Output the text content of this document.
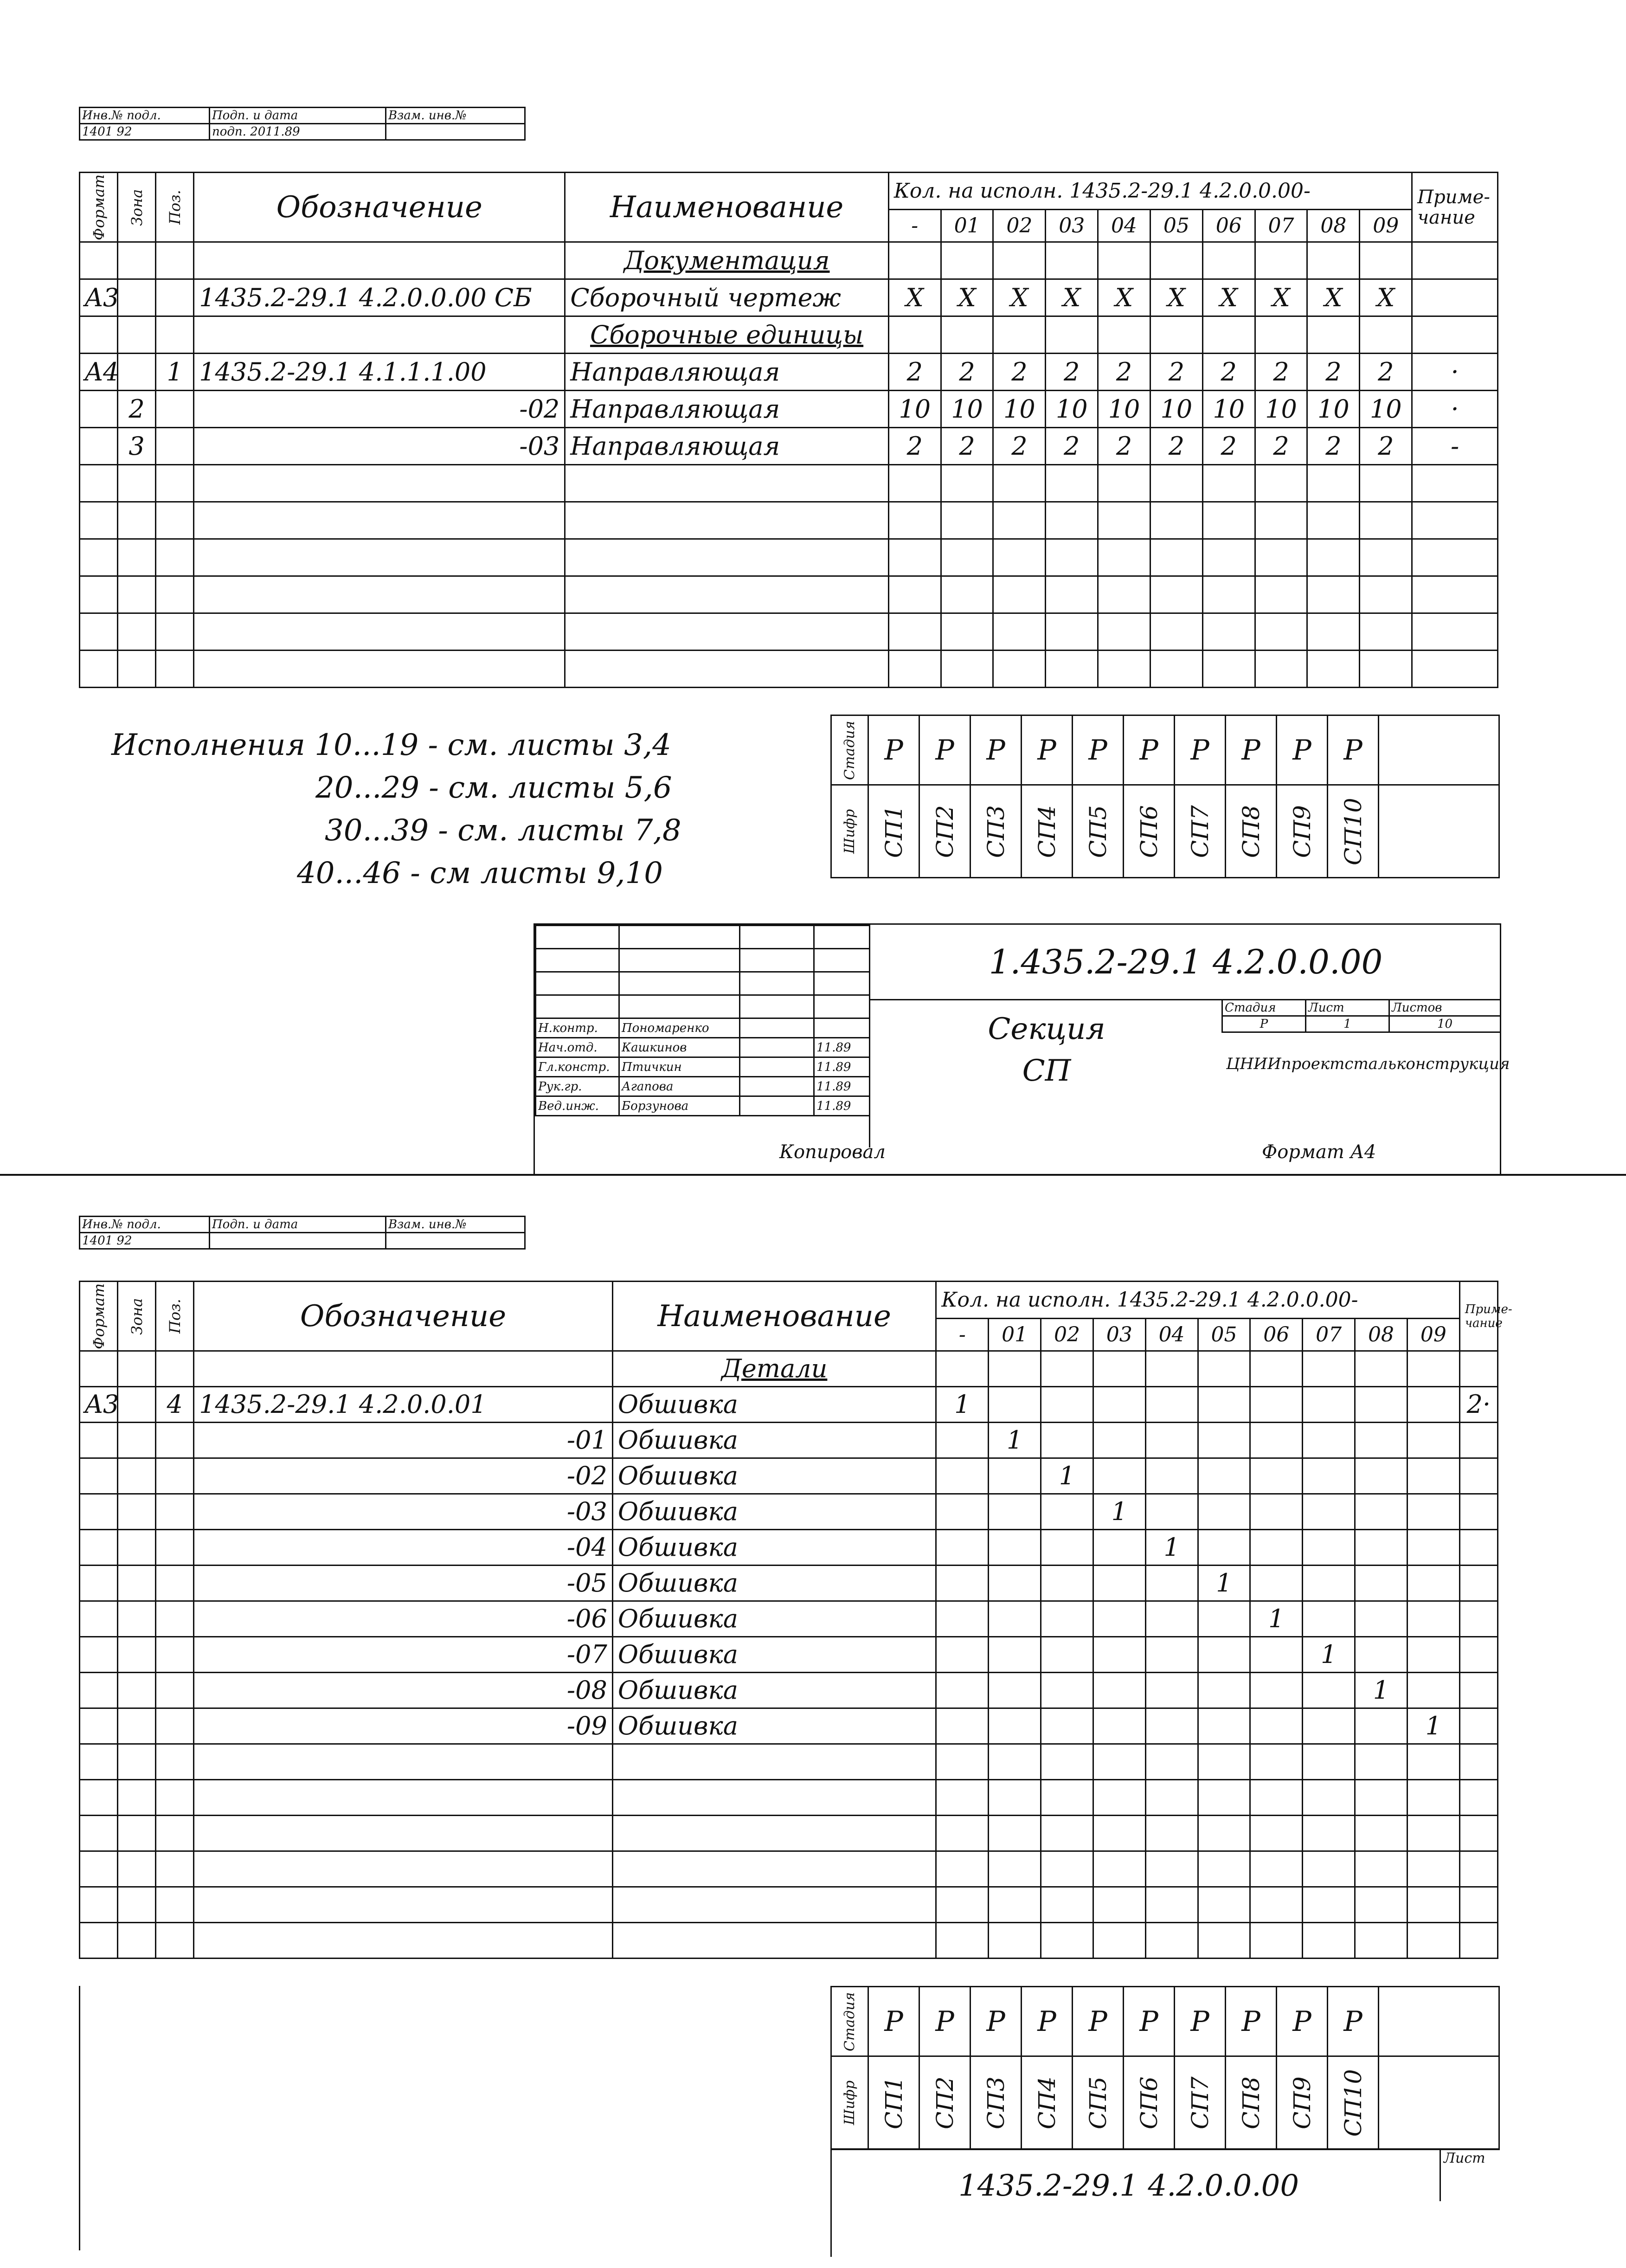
Инв.№ подл.	Подп. и дата	Взам. инв.№
1401 92	подп. 2011.89	
Формат	Зона	Поз.	Обозначение	Наименование	Кол. на исполн. 1435.2-29.1 4.2.0.0.00-										Приме-чание
					-	01	02	03	04	05	06	07	08	09	
				Документация											
A3			1435.2-29.1 4.2.0.0.00 СБ	Сборочный чертеж	X	X	X	X	X	X	X	X	X	X	
				Сборочные единицы											
A4		1	1435.2-29.1 4.1.1.1.00	Направляющая	2	2	2	2	2	2	2	2	2	2	·
	2		-02	Направляющая	10	10	10	10	10	10	10	10	10	10	·
	3		-03	Направляющая	2	2	2	2	2	2	2	2	2	2	-

Исполнения 10...19 - см. листы 3,4
20...29 - см. листы 5,6
30...39 - см. листы 7,8
40...46 - см листы 9,10
Стадия	Р	Р	Р	Р	Р	Р	Р	Р	Р	Р	
Шифр	СП1	СП2	СП3	СП4	СП5	СП6	СП7	СП8	СП9	СП10	

Н.контр.	Пономаренко		
Нач.отд.	Кашкинов		11.89
Гл.констр.	Птичкин		11.89
Рук.гр.	Агапова		11.89
Вед.инж.	Борзунова		11.89
1.435.2-29.1 4.2.0.0.00
Секция
СП
Стадия	Лист	Листов
Р	1	10
ЦНИИпроектстальконструкция
Копировал	Формат А4
Инв.№ подл.	Подп. и дата	Взам. инв.№
1401 92		
Формат	Зона	Поз.	Обозначение	Наименование	Кол. на исполн. 1435.2-29.1 4.2.0.0.00-										Приме-чание
					-	01	02	03	04	05	06	07	08	09	
				Детали											
A3		4	1435.2-29.1 4.2.0.0.01	Обшивка	1										2·
			-01	Обшивка		1									
			-02	Обшивка			1								
			-03	Обшивка				1							
			-04	Обшивка					1						
			-05	Обшивка						1					
			-06	Обшивка							1				
			-07	Обшивка								1			
			-08	Обшивка									1		
			-09	Обшивка										1	

Стадия	Р	Р	Р	Р	Р	Р	Р	Р	Р	Р	
Шифр	СП1	СП2	СП3	СП4	СП5	СП6	СП7	СП8	СП9	СП10	
1435.2-29.1 4.2.0.0.00
Лист
